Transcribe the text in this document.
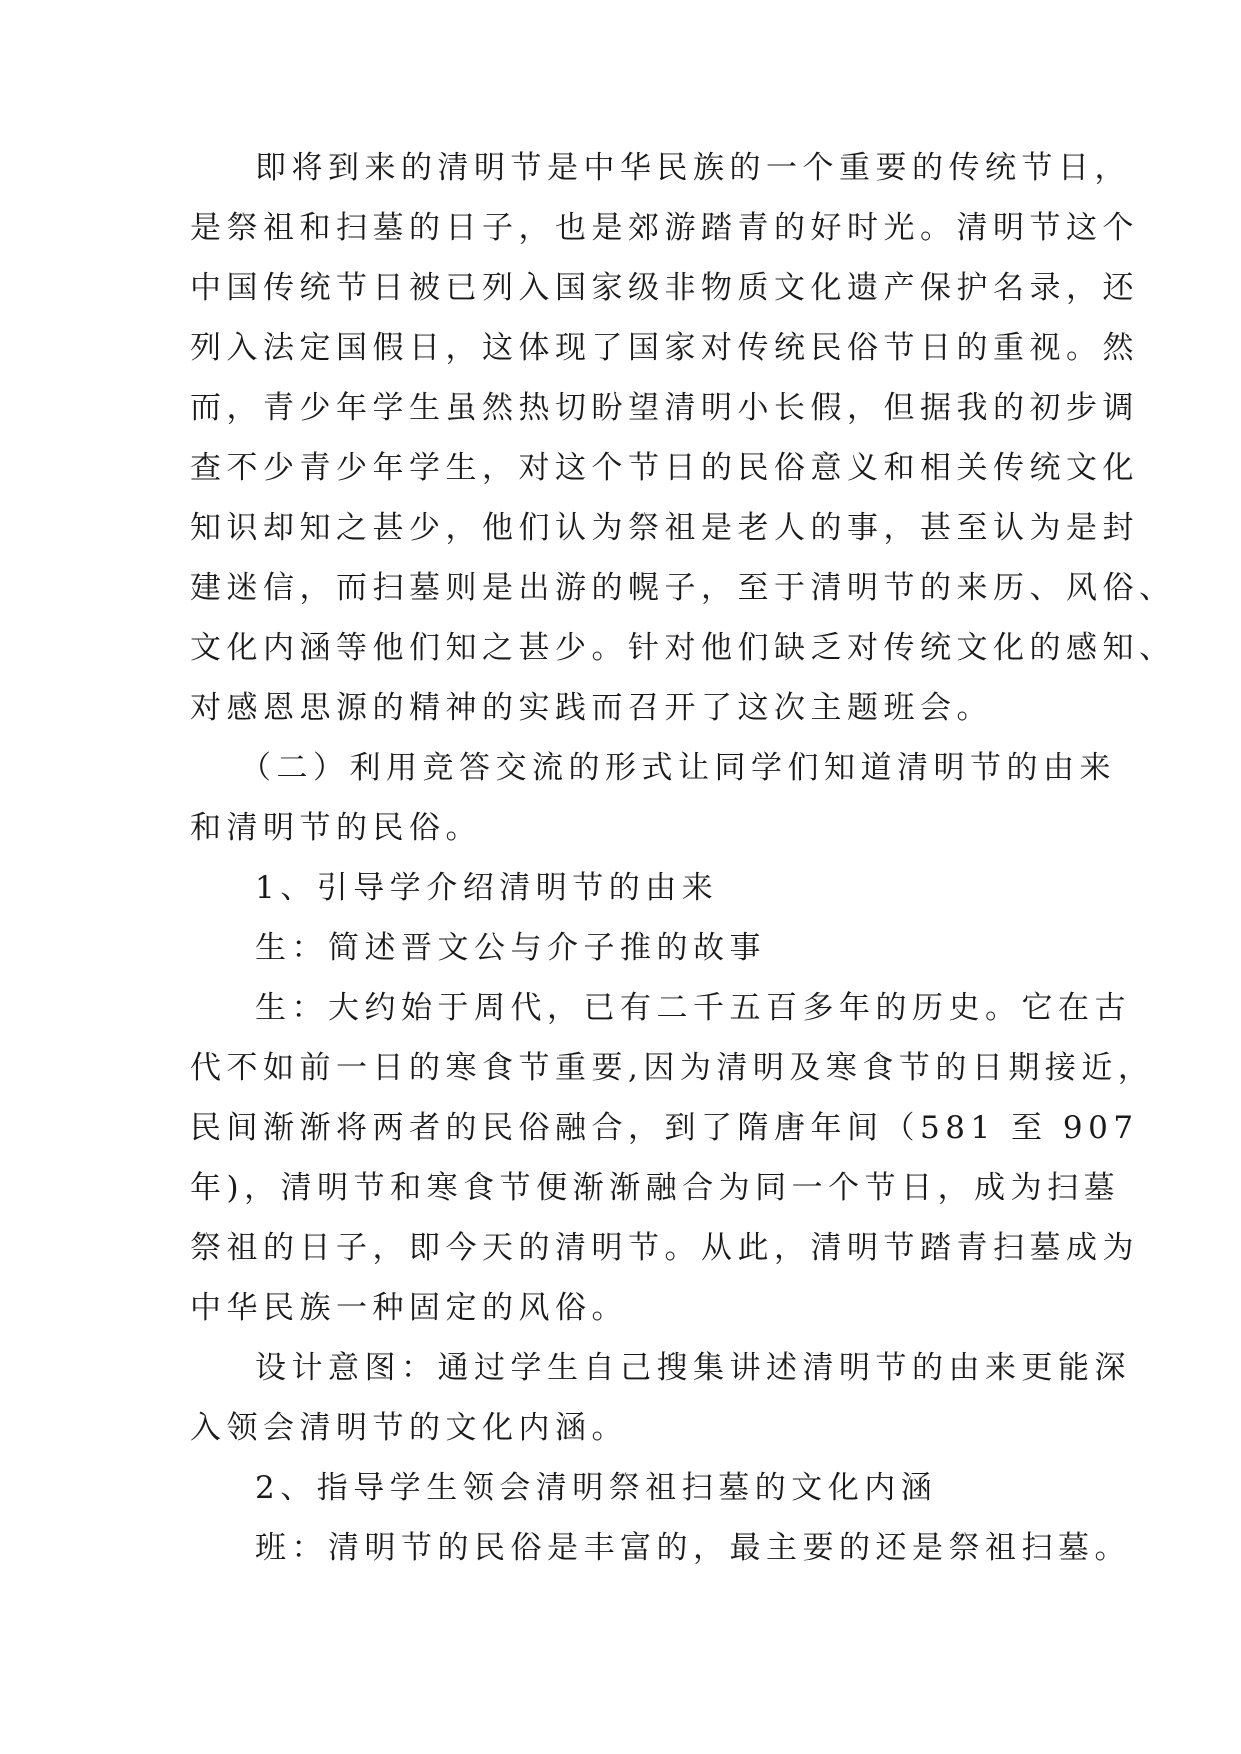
即将到来的清明节是中华民族的一个重要的传统节日，
是祭祖和扫墓的日子，也是郊游踏青的好时光。清明节这个
中国传统节日被已列入国家级非物质文化遗产保护名录，还
列入法定国假日，这体现了国家对传统民俗节日的重视。然
而，青少年学生虽然热切盼望清明小长假，但据我的初步调
查不少青少年学生，对这个节日的民俗意义和相关传统文化
知识却知之甚少，他们认为祭祖是老人的事，甚至认为是封
建迷信，而扫墓则是出游的幌子，至于清明节的来历、风俗、
文化内涵等他们知之甚少。针对他们缺乏对传统文化的感知、
对感恩思源的精神的实践而召开了这次主题班会。
（二）利用竞答交流的形式让同学们知道清明节的由来
和清明节的民俗。
1、引导学介绍清明节的由来
生：简述晋文公与介子推的故事
生：大约始于周代，已有二千五百多年的历史。它在古
代不如前一日的寒食节重要,因为清明及寒食节的日期接近，
民间渐渐将两者的民俗融合，到了隋唐年间（581 至 907
年)，清明节和寒食节便渐渐融合为同一个节日，成为扫墓
祭祖的日子，即今天的清明节。从此，清明节踏青扫墓成为
中华民族一种固定的风俗。
设计意图：通过学生自己搜集讲述清明节的由来更能深
入领会清明节的文化内涵。
2、指导学生领会清明祭祖扫墓的文化内涵
班：清明节的民俗是丰富的，最主要的还是祭祖扫墓。
